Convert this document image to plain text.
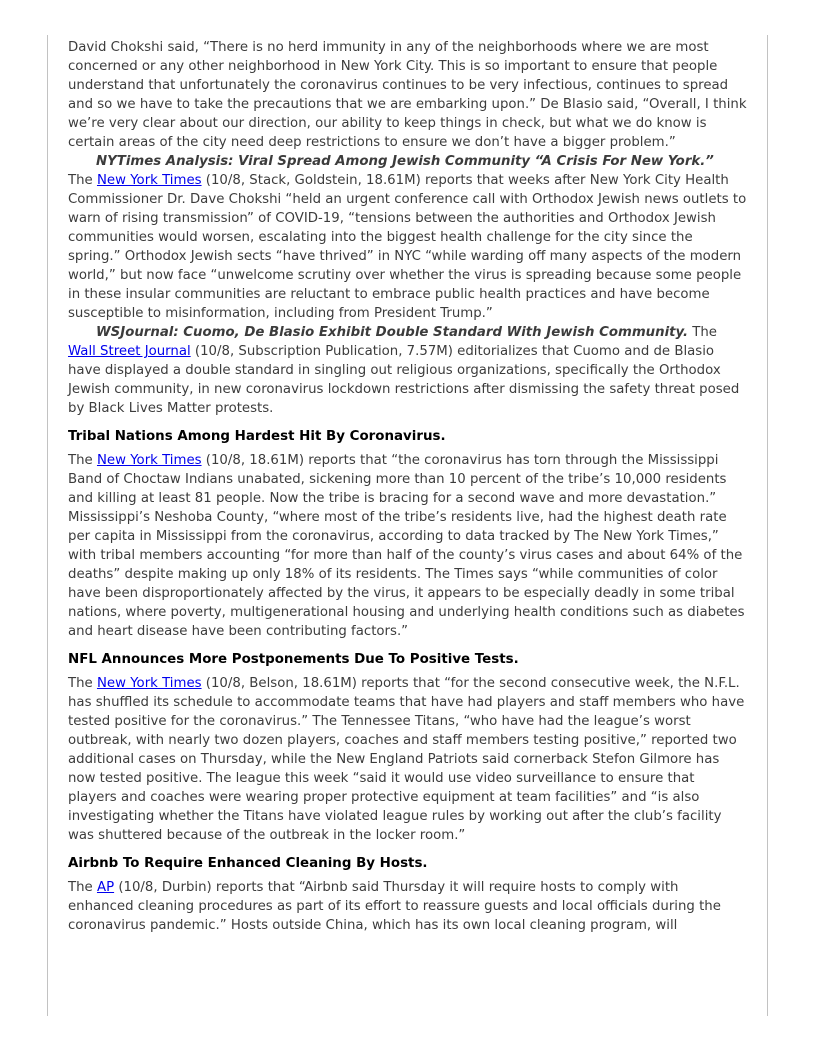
David Chokshi said, “There is no herd immunity in any of the neighborhoods where we are most concerned or any other neighborhood in New York City. This is so important to ensure that people understand that unfortunately the coronavirus continues to be very infectious, continues to spread and so we have to take the precautions that we are embarking upon.” De Blasio said, “Overall, I think we’re very clear about our direction, our ability to keep things in check, but what we do know is certain areas of the city need deep restrictions to ensure we don’t have a bigger problem.”

NYTimes Analysis: Viral Spread Among Jewish Community “A Crisis For New York.”  The New York Times (10/8, Stack, Goldstein, 18.61M) reports that weeks after New York City Health Commissioner Dr. Dave Chokshi “held an urgent conference call with Orthodox Jewish news outlets to warn of rising transmission” of COVID-19, “tensions between the authorities and Orthodox Jewish communities would worsen, escalating into the biggest health challenge for the city since the spring.” Orthodox Jewish sects “have thrived” in NYC “while warding off many aspects of the modern world,” but now face “unwelcome scrutiny over whether the virus is spreading because some people in these insular communities are reluctant to embrace public health practices and have become susceptible to misinformation, including from President Trump.”

WSJournal: Cuomo, De Blasio Exhibit Double Standard With Jewish Community. The Wall Street Journal (10/8, Subscription Publication, 7.57M) editorializes that Cuomo and de Blasio have displayed a double standard in singling out religious organizations, specifically the Orthodox Jewish community, in new coronavirus lockdown restrictions after dismissing the safety threat posed by Black Lives Matter protests.

Tribal Nations Among Hardest Hit By Coronavirus.

The New York Times (10/8, 18.61M) reports that “the coronavirus has torn through the Mississippi Band of Choctaw Indians unabated, sickening more than 10 percent of the tribe’s 10,000 residents and killing at least 81 people. Now the tribe is bracing for a second wave and more devastation.” Mississippi’s Neshoba County, “where most of the tribe’s residents live, had the highest death rate per capita in Mississippi from the coronavirus, according to data tracked by The New York Times,” with tribal members accounting “for more than half of the county’s virus cases and about 64% of the deaths” despite making up only 18% of its residents. The Times says “while communities of color have been disproportionately affected by the virus, it appears to be especially deadly in some tribal nations, where poverty, multigenerational housing and underlying health conditions such as diabetes and heart disease have been contributing factors.”

NFL Announces More Postponements Due To Positive Tests.

The New York Times (10/8, Belson, 18.61M) reports that “for the second consecutive week, the N.F.L. has shuffled its schedule to accommodate teams that have had players and staff members who have tested positive for the coronavirus.” The Tennessee Titans, “who have had the league’s worst outbreak, with nearly two dozen players, coaches and staff members testing positive,” reported two additional cases on Thursday, while the New England Patriots said cornerback Stefon Gilmore has now tested positive. The league this week “said it would use video surveillance to ensure that players and coaches were wearing proper protective equipment at team facilities” and “is also investigating whether the Titans have violated league rules by working out after the club’s facility was shuttered because of the outbreak in the locker room.”

Airbnb To Require Enhanced Cleaning By Hosts.

The AP (10/8, Durbin) reports that “Airbnb said Thursday it will require hosts to comply with enhanced cleaning procedures as part of its effort to reassure guests and local officials during the coronavirus pandemic.” Hosts outside China, which has its own local cleaning program, will
